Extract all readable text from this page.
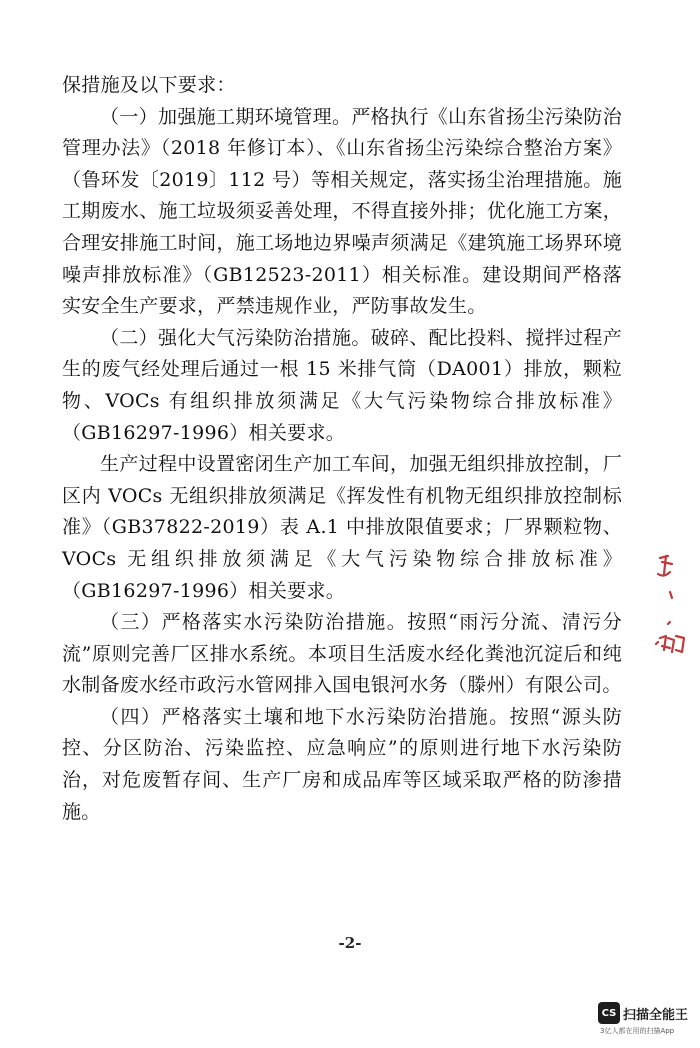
保措施及以下要求：

（一）加强施工期环境管理。严格执行《山东省扬尘污染防治管理办法》（2018 年修订本）、《山东省扬尘污染综合整治方案》（鲁环发〔2019〕112 号）等相关规定，落实扬尘治理措施。施工期废水、施工垃圾须妥善处理，不得直接外排；优化施工方案，合理安排施工时间，施工场地边界噪声须满足《建筑施工场界环境噪声排放标准》（GB12523-2011）相关标准。建设期间严格落实安全生产要求，严禁违规作业，严防事故发生。

（二）强化大气污染防治措施。破碎、配比投料、搅拌过程产生的废气经处理后通过一根 15 米排气筒（DA001）排放，颗粒物、VOCs 有组织排放须满足《大气污染物综合排放标准》（GB16297-1996）相关要求。

生产过程中设置密闭生产加工车间，加强无组织排放控制，厂区内 VOCs 无组织排放须满足《挥发性有机物无组织排放控制标准》（GB37822-2019）表 A.1 中排放限值要求；厂界颗粒物、VOCs 无组织排放须满足《大气污染物综合排放标准》（GB16297-1996）相关要求。

（三）严格落实水污染防治措施。按照“雨污分流、清污分流”原则完善厂区排水系统。本项目生活废水经化粪池沉淀后和纯水制备废水经市政污水管网排入国电银河水务（滕州）有限公司。

（四）严格落实土壤和地下水污染防治措施。按照“源头防控、分区防治、污染监控、应急响应”的原则进行地下水污染防治，对危废暂存间、生产厂房和成品库等区域采取严格的防渗措施。

-2-
CS 扫描全能王
3亿人都在用的扫描App
